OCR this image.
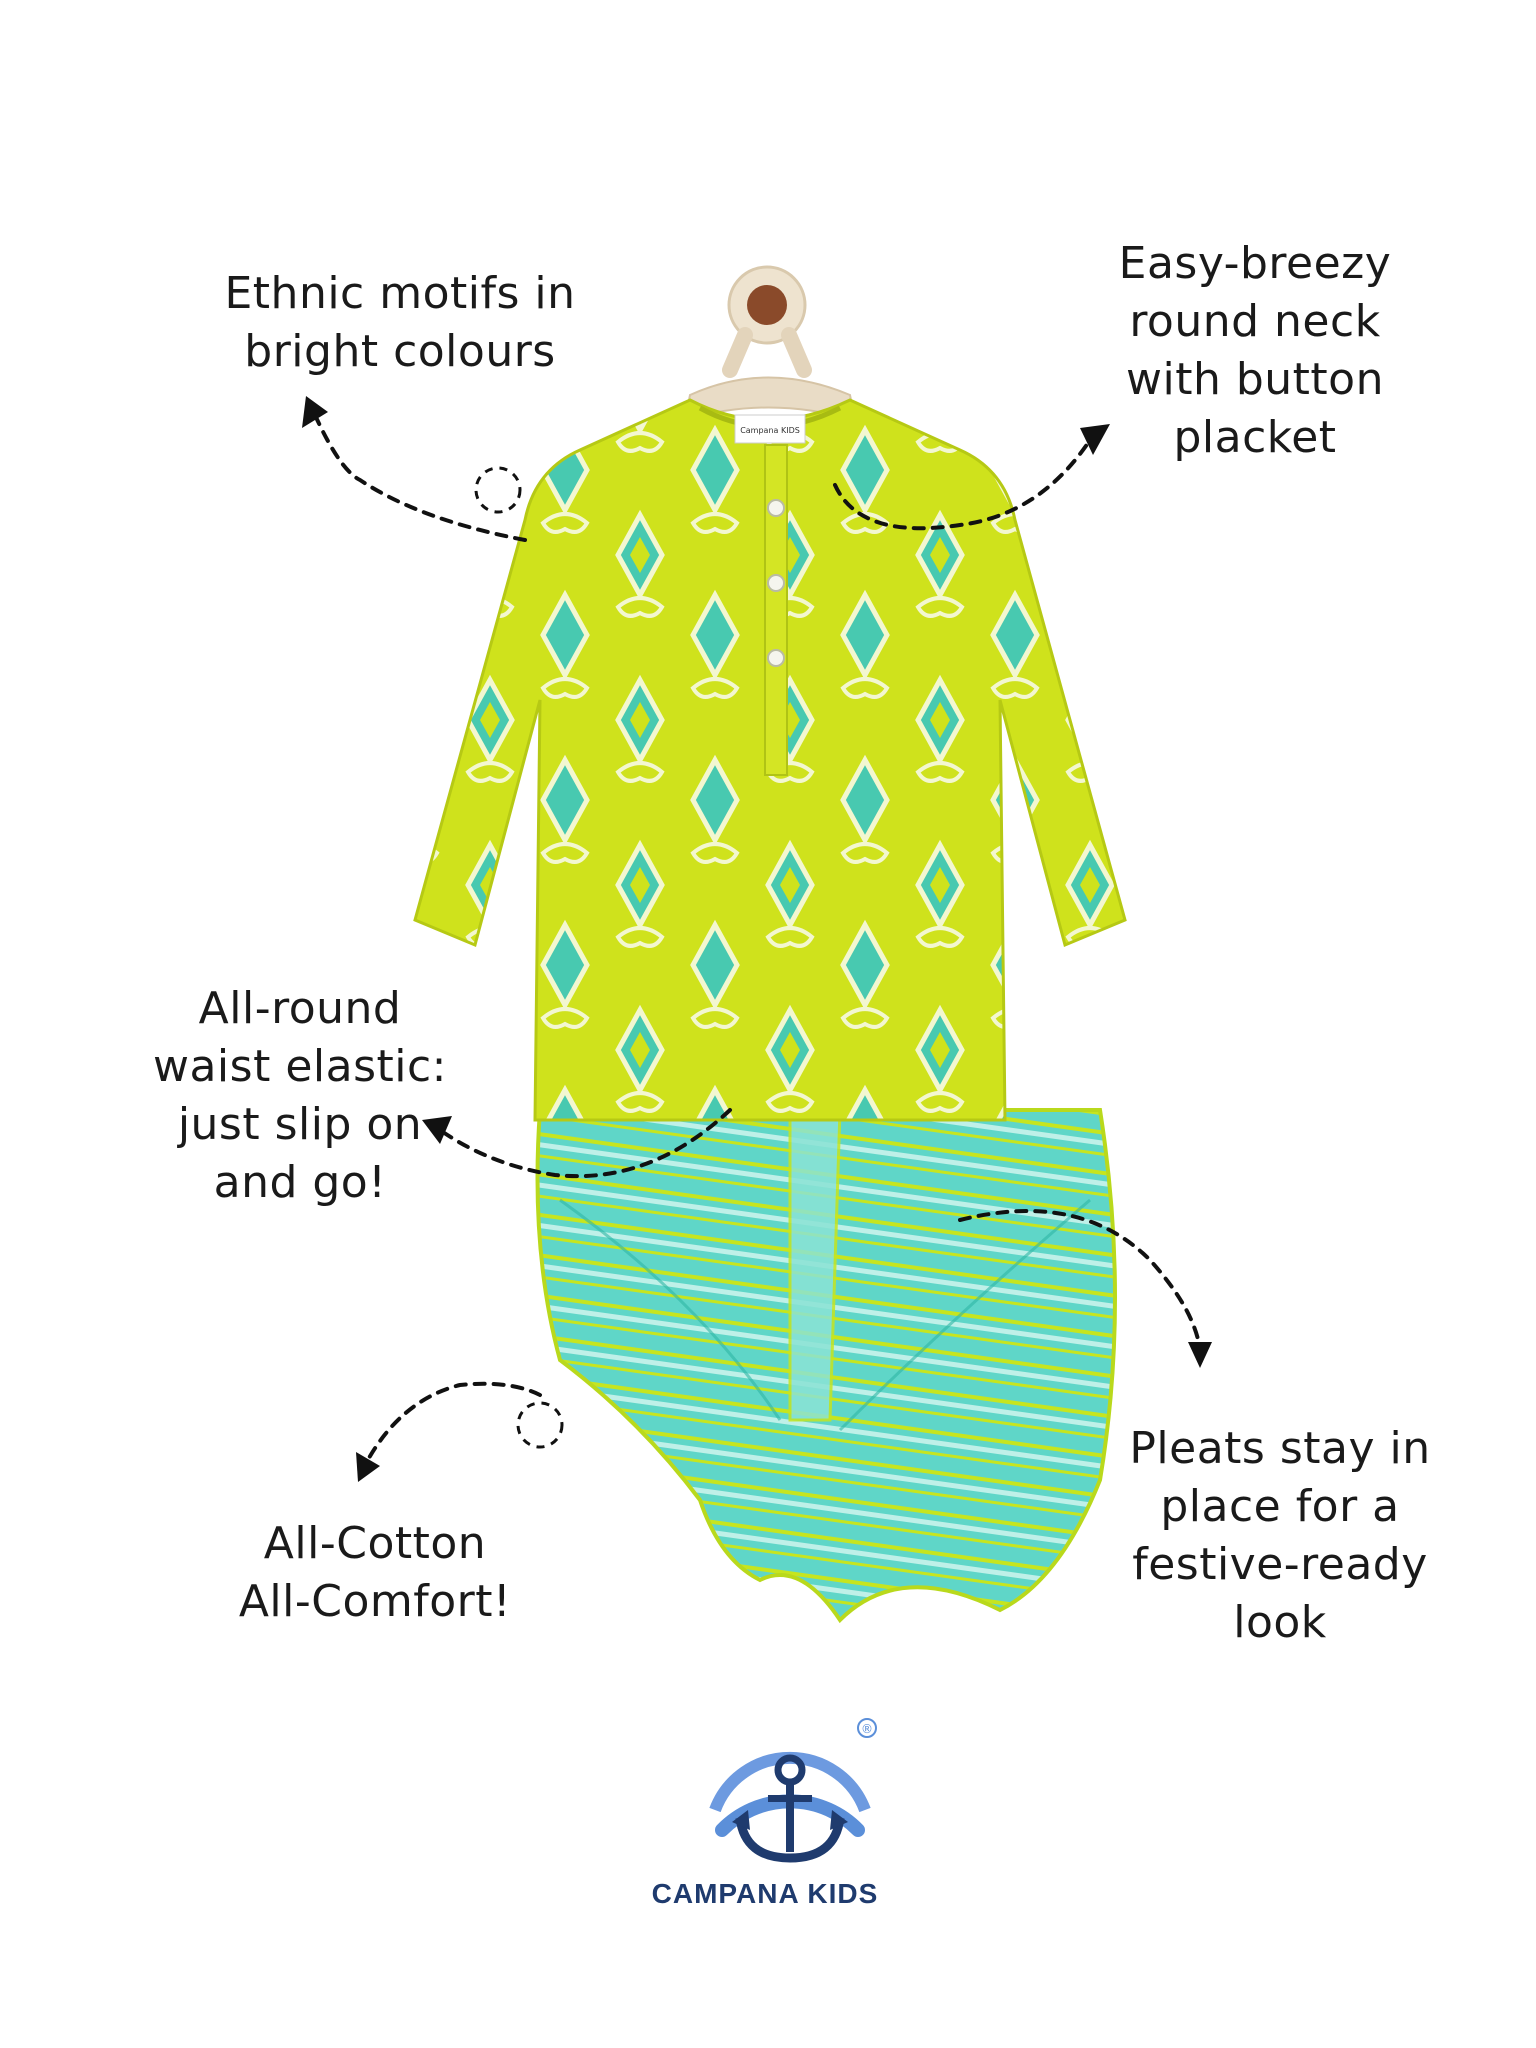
Campana KIDS
®
Ethnic motifs in
bright colours
Easy-breezy
round neck
with button
placket
All-round
waist elastic:
just slip on
and go!
Pleats stay in
place for a
festive-ready
look
All-Cotton
All-Comfort!
CAMPANA KIDS
